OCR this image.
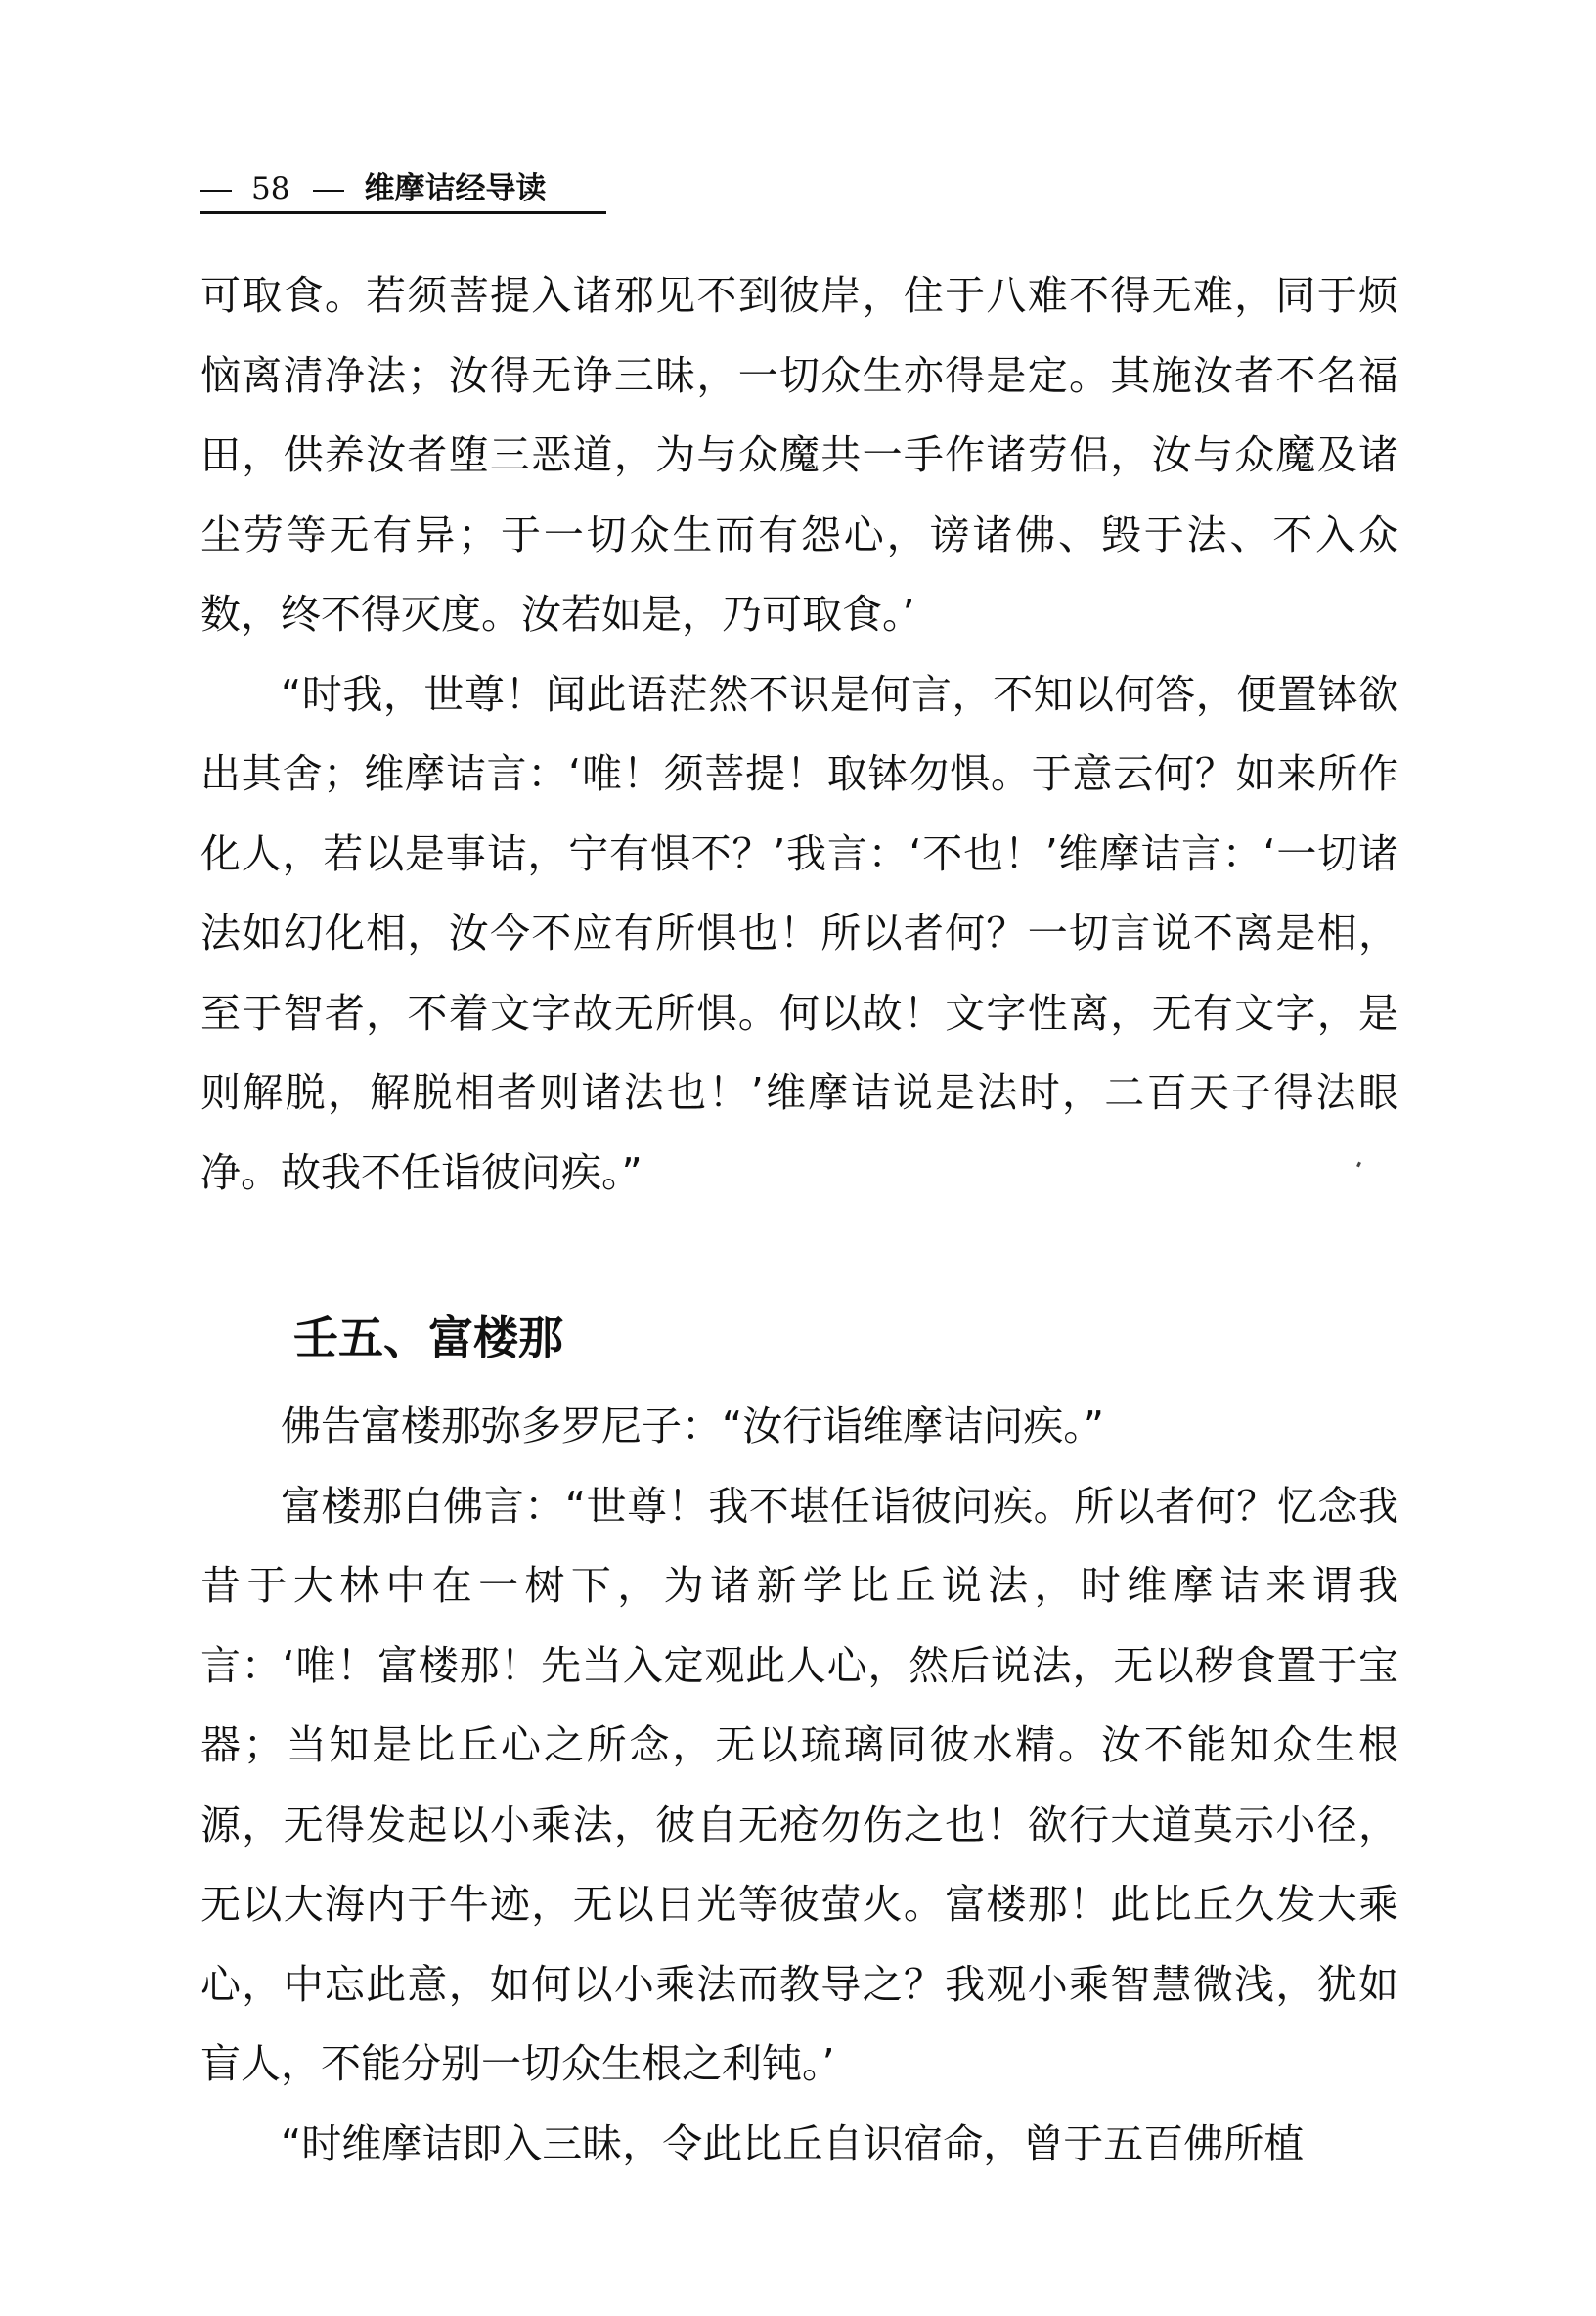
58 维摩诘经导读

可取食。若须菩提入诸邪见不到彼岸，住于八难不得无难，同于烦恼离清净法；汝得无诤三昧，一切众生亦得是定。其施汝者不名福田，供养汝者堕三恶道，为与众魔共一手作诸劳侣，汝与众魔及诸尘劳等无有异；于一切众生而有怨心，谤诸佛、毁于法、不入众数，终不得灭度。汝若如是，乃可取食。’

“时我，世尊！闻此语茫然不识是何言，不知以何答，便置钵欲出其舍；维摩诘言：‘唯！须菩提！取钵勿惧。于意云何？如来所作化人，若以是事诘，宁有惧不？’我言：‘不也！’维摩诘言：‘一切诸法如幻化相，汝今不应有所惧也！所以者何？一切言说不离是相，至于智者，不着文字故无所惧。何以故！文字性离，无有文字，是则解脱，解脱相者则诸法也！’维摩诘说是法时，二百天子得法眼净。故我不任诣彼问疾。”

壬五、富楼那

佛告富楼那弥多罗尼子：“汝行诣维摩诘问疾。”

富楼那白佛言：“世尊！我不堪任诣彼问疾。所以者何？忆念我昔于大林中在一树下，为诸新学比丘说法，时维摩诘来谓我言：‘唯！富楼那！先当入定观此人心，然后说法，无以秽食置于宝器；当知是比丘心之所念，无以琉璃同彼水精。汝不能知众生根源，无得发起以小乘法，彼自无疮勿伤之也！欲行大道莫示小径，无以大海内于牛迹，无以日光等彼萤火。富楼那！此比丘久发大乘心，中忘此意，如何以小乘法而教导之？我观小乘智慧微浅，犹如盲人，不能分别一切众生根之利钝。’

“时维摩诘即入三昧，令此比丘自识宿命，曾于五百佛所植
